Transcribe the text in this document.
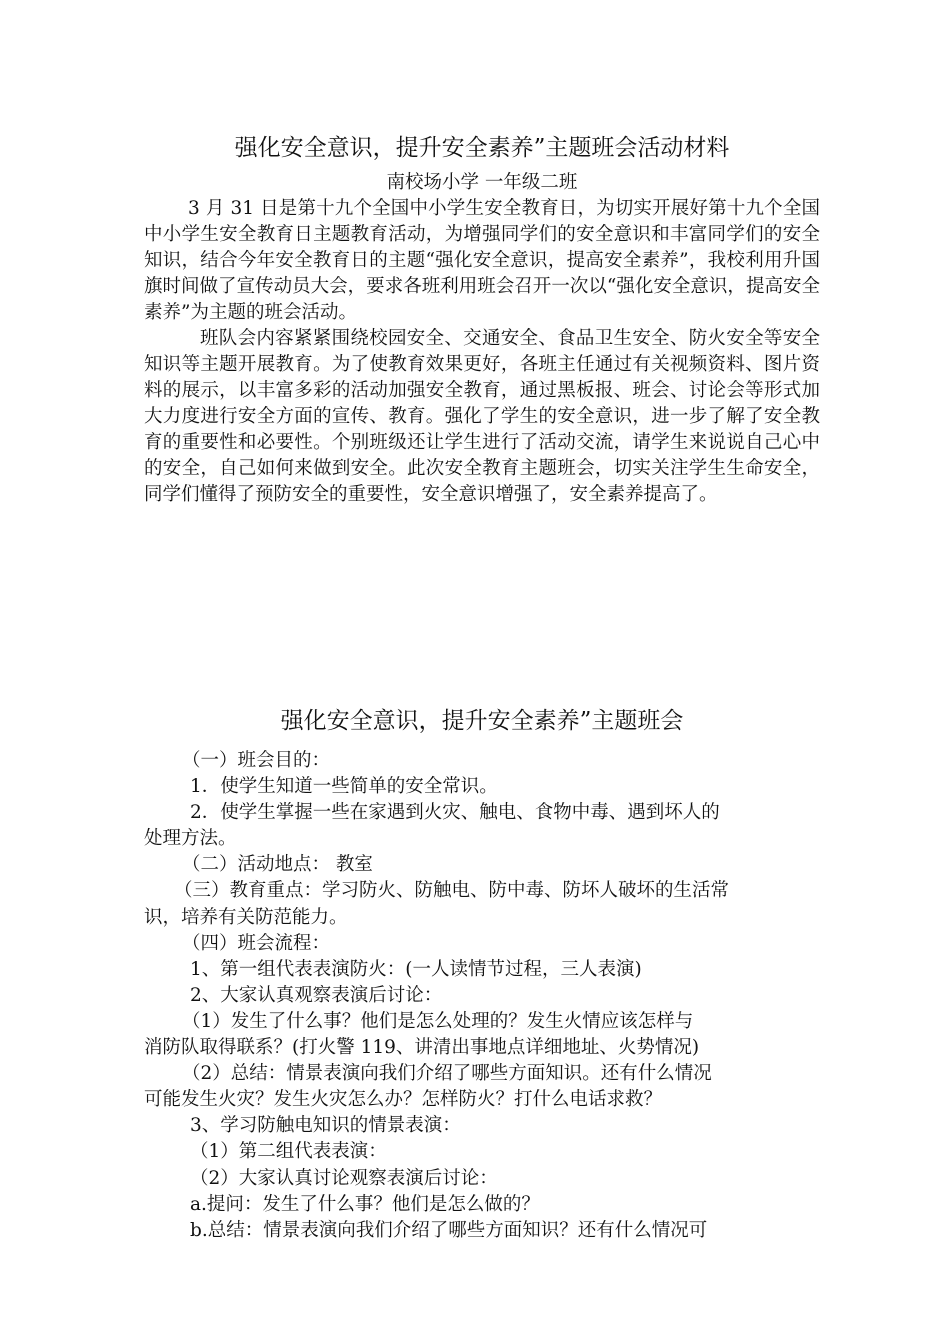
强化安全意识，提升安全素养”主题班会活动材料

南校场小学 一年级二班

3 月 31 日是第十九个全国中小学生安全教育日，为切实开展好第十九个全国中小学生安全教育日主题教育活动，为增强同学们的安全意识和丰富同学们的安全知识，结合今年安全教育日的主题“强化安全意识，提高安全素养”，我校利用升国旗时间做了宣传动员大会，要求各班利用班会召开一次以“强化安全意识，提高安全素养”为主题的班会活动。

班队会内容紧紧围绕校园安全、交通安全、食品卫生安全、防火安全等安全知识等主题开展教育。为了使教育效果更好，各班主任通过有关视频资料、图片资料的展示，以丰富多彩的活动加强安全教育，通过黑板报、班会、讨论会等形式加大力度进行安全方面的宣传、教育。强化了学生的安全意识，进一步了解了安全教育的重要性和必要性。个别班级还让学生进行了活动交流，请学生来说说自己心中的安全，自己如何来做到安全。此次安全教育主题班会，切实关注学生生命安全，同学们懂得了预防安全的重要性，安全意识增强了，安全素养提高了。

强化安全意识，提升安全素养”主题班会

（一）班会目的：

1．使学生知道一些简单的安全常识。

2．使学生掌握一些在家遇到火灾、触电、食物中毒、遇到坏人的

处理方法。

（二）活动地点： 教室

（三）教育重点：学习防火、防触电、防中毒、防坏人破坏的生活常

识，培养有关防范能力。

（四）班会流程：

1、第一组代表表演防火：(一人读情节过程，三人表演)

2、大家认真观察表演后讨论：

（1）发生了什么事？他们是怎么处理的？发生火情应该怎样与

消防队取得联系？(打火警 119、讲清出事地点详细地址、火势情况)

（2）总结：情景表演向我们介绍了哪些方面知识。还有什么情况

可能发生火灾？发生火灾怎么办？怎样防火？打什么电话求救？

3、学习防触电知识的情景表演：

（1）第二组代表表演：

（2）大家认真讨论观察表演后讨论：

a.提问：发生了什么事？他们是怎么做的？

b.总结：情景表演向我们介绍了哪些方面知识？还有什么情况可
